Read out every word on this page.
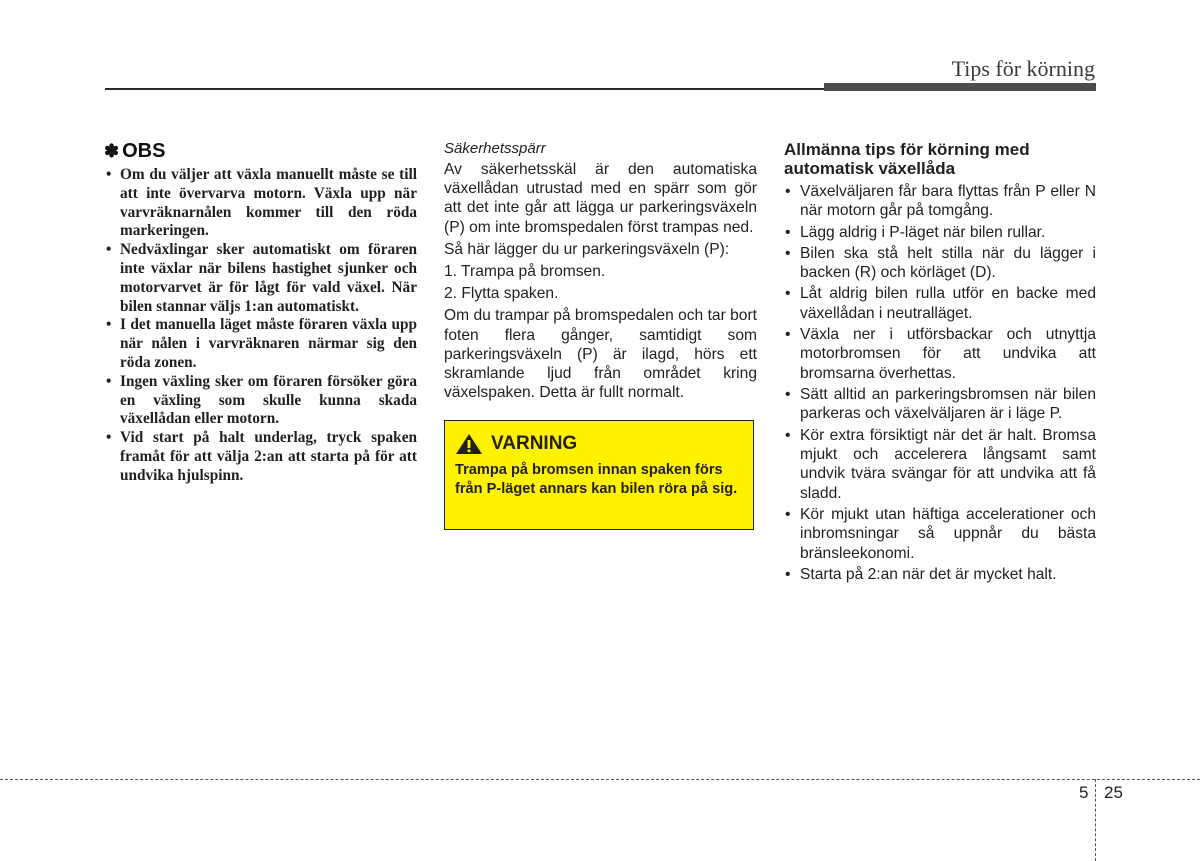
Tips för körning
✽ OBS
• Om du väljer att växla manuellt måste se till att inte övervarva motorn. Växla upp när varvräknarnålen kommer till den röda markeringen.
• Nedväxlingar sker automatiskt om föraren inte växlar när bilens hastighet sjunker och motorvarvet är för lågt för vald växel. När bilen stannar väljs 1:an automatiskt.
• I det manuella läget måste föraren växla upp när nålen i varvräknaren närmar sig den röda zonen.
• Ingen växling sker om föraren försöker göra en växling som skulle kunna skada växellådan eller motorn.
• Vid start på halt underlag, tryck spaken framåt för att välja 2:an att starta på för att undvika hjulspinn.
Säkerhetsspärr

Av säkerhetsskäl är den automatiska växellådan utrustad med en spärr som gör att det inte går att lägga ur parkeringsväxeln (P) om inte bromspedalen först trampas ned.

Så här lägger du ur parkeringsväxeln (P):

1. Trampa på bromsen.

2. Flytta spaken.

Om du trampar på bromspedalen och tar bort foten flera gånger, samtidigt som parkeringsväxeln (P) är ilagd, hörs ett skramlande ljud från området kring växelspaken. Detta är fullt normalt.

VARNING
Trampa på bromsen innan spaken förs från P-läget annars kan bilen röra på sig.
Allmänna tips för körning med automatisk växellåda
• Växelväljaren får bara flyttas från P eller N när motorn går på tomgång.
• Lägg aldrig i P-läget när bilen rullar.
• Bilen ska stå helt stilla när du lägger i backen (R) och körläget (D).
• Låt aldrig bilen rulla utför en backe med växellådan i neutralläget.
• Växla ner i utförsbackar och utnyttja motorbromsen för att undvika att bromsarna överhettas.
• Sätt alltid an parkeringsbromsen när bilen parkeras och växelväljaren är i läge P.
• Kör extra försiktigt när det är halt. Bromsa mjukt och accelerera långsamt samt undvik tvära svängar för att undvika att få sladd.
• Kör mjukt utan häftiga accelerationer och inbromsningar så uppnår du bästa bränsleekonomi.
• Starta på 2:an när det är mycket halt.
5 25
